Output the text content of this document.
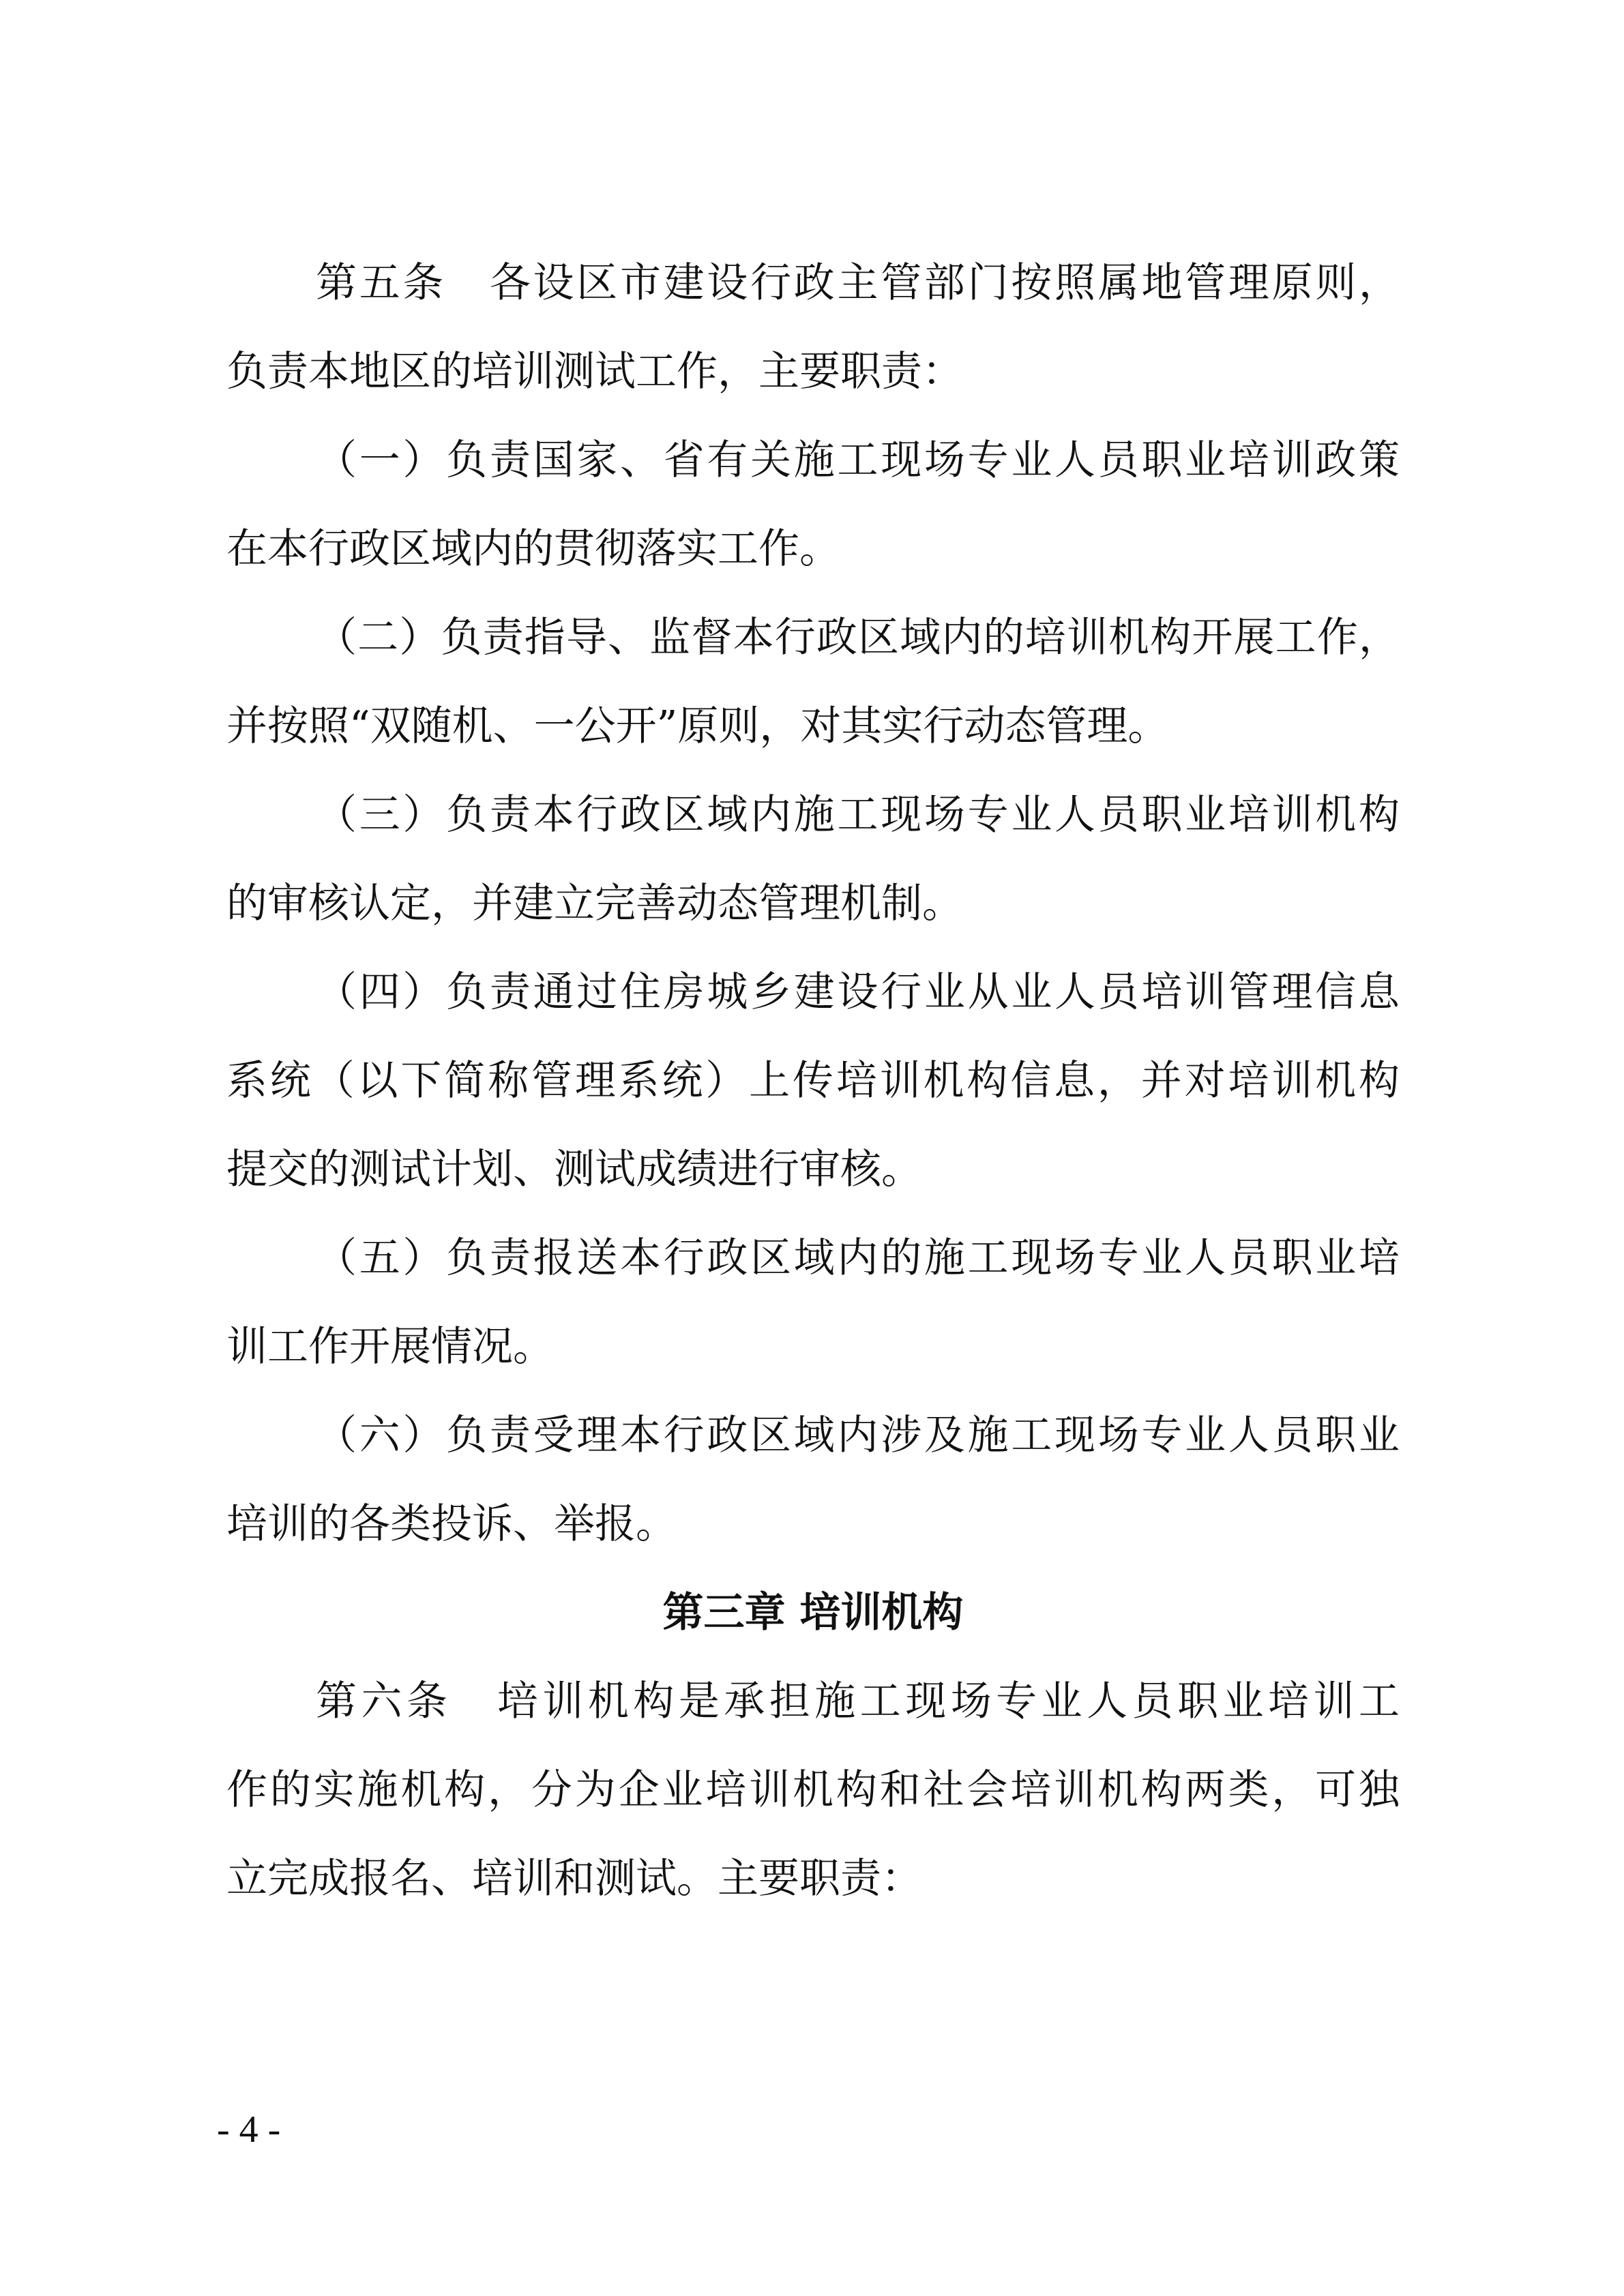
第五条　各设区市建设行政主管部门按照属地管理原则，
负责本地区的培训测试工作，主要职责：
（一）负责国家、省有关施工现场专业人员职业培训政策
在本行政区域内的贯彻落实工作。
（二）负责指导、监督本行政区域内的培训机构开展工作，
并按照“双随机、一公开”原则，对其实行动态管理。
（三）负责本行政区域内施工现场专业人员职业培训机构
的审核认定，并建立完善动态管理机制。
（四）负责通过住房城乡建设行业从业人员培训管理信息
系统（以下简称管理系统）上传培训机构信息，并对培训机构
提交的测试计划、测试成绩进行审核。
（五）负责报送本行政区域内的施工现场专业人员职业培
训工作开展情况。
（六）负责受理本行政区域内涉及施工现场专业人员职业
培训的各类投诉、举报。
第三章 培训机构
第六条　培训机构是承担施工现场专业人员职业培训工
作的实施机构，分为企业培训机构和社会培训机构两类，可独
立完成报名、培训和测试。主要职责：
- 4 -
